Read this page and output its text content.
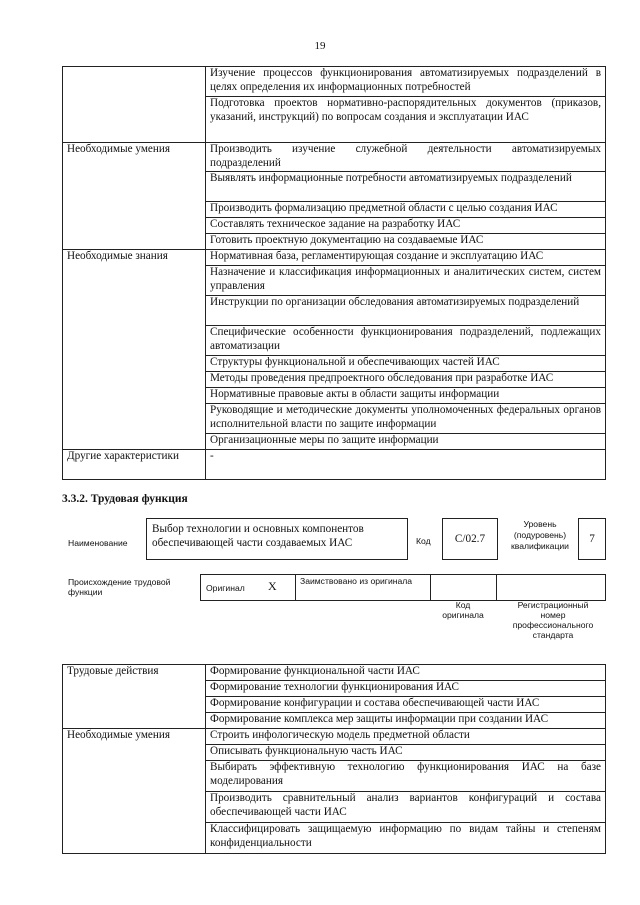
19
	Изучение процессов функционирования автоматизируемых подразделений в целях определения их информационных потребностей
	Подготовка проектов нормативно-распорядительных документов (приказов, указаний, инструкций) по вопросам создания и эксплуатации ИАС
Необходимые умения	Производить изучение служебной деятельности автоматизируемых подразделений
	Выявлять информационные потребности автоматизируемых подразделений
	Производить формализацию предметной области с целью создания ИАС
	Составлять техническое задание на разработку ИАС
	Готовить проектную документацию на создаваемые ИАС
Необходимые знания	Нормативная база, регламентирующая создание и эксплуатацию ИАС
	Назначение и классификация информационных и аналитических систем, систем управления
	Инструкции по организации обследования автоматизируемых подразделений
	Специфические особенности функционирования подразделений, подлежащих автоматизации
	Структуры функциональной и обеспечивающих частей ИАС
	Методы проведения предпроектного обследования при разработке ИАС
	Нормативные правовые акты в области защиты информации
	Руководящие и методические документы уполномоченных федеральных органов исполнительной власти по защите информации
	Организационные меры по защите информации
Другие характеристики	-
3.3.2. Трудовая функция
Наименование
Выбор технологии и основных компонентов обеспечивающей части создаваемых ИАС	Код	С/02.7
Уровень (подуровень) квалификации
7
Происхождение трудовой функции	Оригинал X	Заимствовано из оригинала
Код оригинала
Регистрационный номер профессионального стандарта
Трудовые действия	Формирование функциональной части ИАС
	Формирование технологии функционирования ИАС
	Формирование конфигурации и состава обеспечивающей части ИАС
	Формирование комплекса мер защиты информации при создании ИАС
Необходимые умения	Строить инфологическую модель предметной области
	Описывать функциональную часть ИАС
	Выбирать эффективную технологию функционирования ИАС на базе моделирования
	Производить сравнительный анализ вариантов конфигураций и состава обеспечивающей части ИАС
	Классифицировать защищаемую информацию по видам тайны и степеням конфиденциальности
